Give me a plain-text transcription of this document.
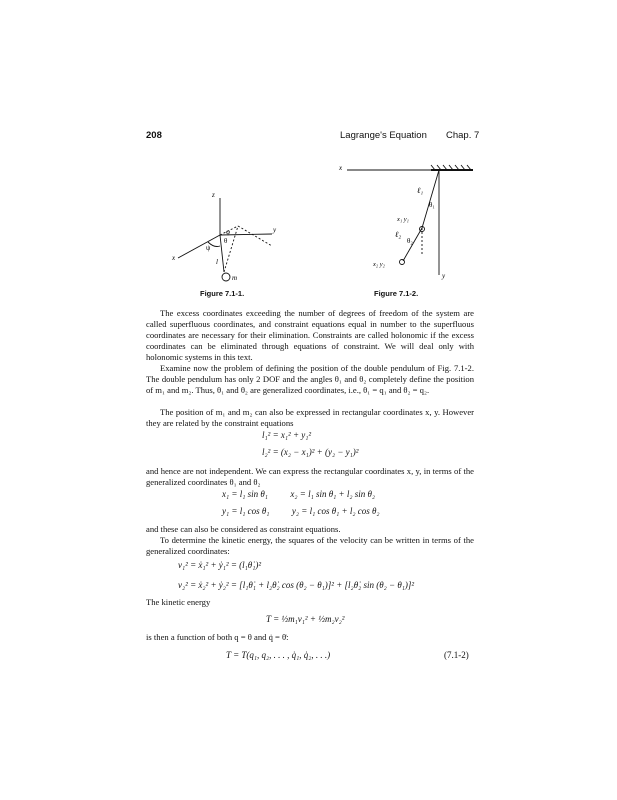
208	Lagrange's Equation Chap. 7
z
y
x
ψ
θ
φ
l
m
Figure 7.1-1.
x
y
ℓ₁
θ₁
x₁ y₁
ℓ₂
θ₂
x₂ y₂
Figure 7.1-2.
The excess coordinates exceeding the number of degrees of freedom of the system are called superfluous coordinates, and constraint equations equal in number to the superfluous coordinates are necessary for their elimination. Constraints are called holonomic if the excess coordinates can be eliminated through equations of constraint. We will deal only with holonomic systems in this text.
Examine now the problem of defining the position of the double pendulum of Fig. 7.1-2. The double pendulum has only 2 DOF and the angles θ₁ and θ₂ completely define the position of m₁ and m₂. Thus, θ₁ and θ₂ are generalized coordinates, i.e., θ₁ = q₁ and θ₂ = q₂.
The position of m₁ and m₂ can also be expressed in rectangular coordinates x, y. However they are related by the constraint equations
l₁² = x₁² + y₁²
l₂² = (x₂ − x₁)² + (y₂ − y₁)²
and hence are not independent. We can express the rectangular coordinates x, y, in terms of the generalized coordinates θ₁ and θ₂
x₁ = l₁ sin θ₁          x₂ = l₁ sin θ₁ + l₂ sin θ₂
y₁ = l₁ cos θ₁          y₂ = l₁ cos θ₁ + l₂ cos θ₂
and these can also be considered as constraint equations.
To determine the kinetic energy, the squares of the velocity can be written in terms of the generalized coordinates:
v₁² = ẋ₁² + ẏ₁² = (l₁θ̇₁)²
v₂² = ẋ₂² + ẏ₂² = [l₁θ̇₁ + l₂θ̇₂ cos (θ₂ − θ₁)]² + [l₂θ̇₂ sin (θ₂ − θ₁)]²
The kinetic energy
T = ½m₁v₁² + ½m₂v₂²
is then a function of both q = θ and q̇ = θ̇:
T = T(q₁, q₂, . . . , q̇₁, q̇₂, . . .)	(7.1-2)
